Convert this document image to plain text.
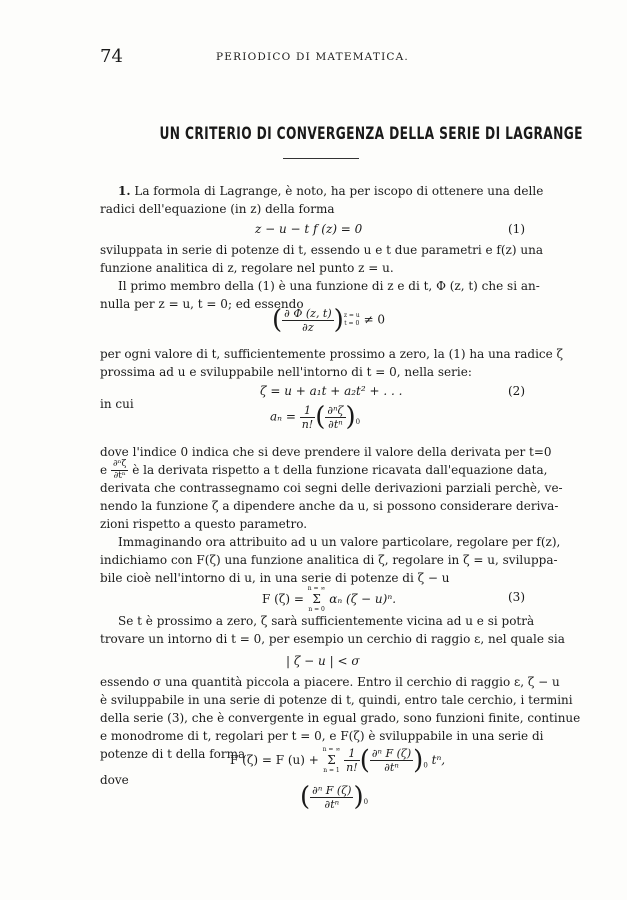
74	PERIODICO DI MATEMATICA.
UN CRITERIO DI CONVERGENZA DELLA SERIE DI LAGRANGE
1. La formola di Lagrange, è noto, ha per iscopo di ottenere una delle
radici dell'equazione (in z) della forma
z − u − t f (z) = 0	(1)
sviluppata in serie di potenze di t, essendo u e t due parametri e f(z) una
funzione analitica di z, regolare nel punto z = u.
Il primo membro della (1) è una funzione di z e di t, Φ (z, t) che si an-
nulla per z = u, t = 0; ed essendo
( $\frac{\partial \Phi (z, t)}{\partial z} )z = u$
t = 0 ≠ 0
per ogni valore di t, sufficientemente prossimo a zero, la (1) ha una radice ζ
prossima ad u e sviluppabile nell'intorno di t = 0, nella serie:
ζ = u + a₁t + a₂t² + . . .	(2)
in cui
$a_n = \frac{1}{n!}$ ( $\frac{\text{∂ⁿζ}}{\text{∂tⁿ}} )_0$
dove l'indice 0 indica che si deve prendere il valore della derivata per t=0
e $\frac{\text{∂ⁿζ}}{\text{∂tⁿ}}$ è la derivata rispetto a t della funzione ricavata dall'equazione data,
derivata che contrassegnamo coi segni delle derivazioni parziali perchè, ve-
nendo la funzione ζ a dipendere anche da u, si possono considerare deriva-
zioni rispetto a questo parametro.
Immaginando ora attribuito ad u un valore particolare, regolare per f(z),
indichiamo con F(ζ) una funzione analitica di ζ, regolare in ζ = u, sviluppa-
bile cioè nell'intorno di u, in una serie di potenze di ζ − u
F (ζ) = n = ∞
Σ
n = 0 αₙ (ζ − u)ⁿ.	(3)
Se t è prossimo a zero, ζ sarà sufficientemente vicina ad u e si potrà
trovare un intorno di t = 0, per esempio un cerchio di raggio ε, nel quale sia
| ζ − u | < σ
essendo σ una quantità piccola a piacere. Entro il cerchio di raggio ε, ζ − u
è sviluppabile in una serie di potenze di t, quindi, entro tale cerchio, i termini
della serie (3), che è convergente in egual grado, sono funzioni finite, continue
e monodrome di t, regolari per t = 0, e F(ζ) è sviluppabile in una serie di
potenze di t della forma
F (ζ) = F (u) + n = ∞
Σ
$n = 1 \frac{1}{n!}$ ( $\frac{\text{∂ⁿ F (ζ)}}{\text{∂tⁿ}} )_0$ tⁿ,
dove
( $\frac{\text{∂ⁿ F (ζ)}}{\text{∂tⁿ}} )_0$
